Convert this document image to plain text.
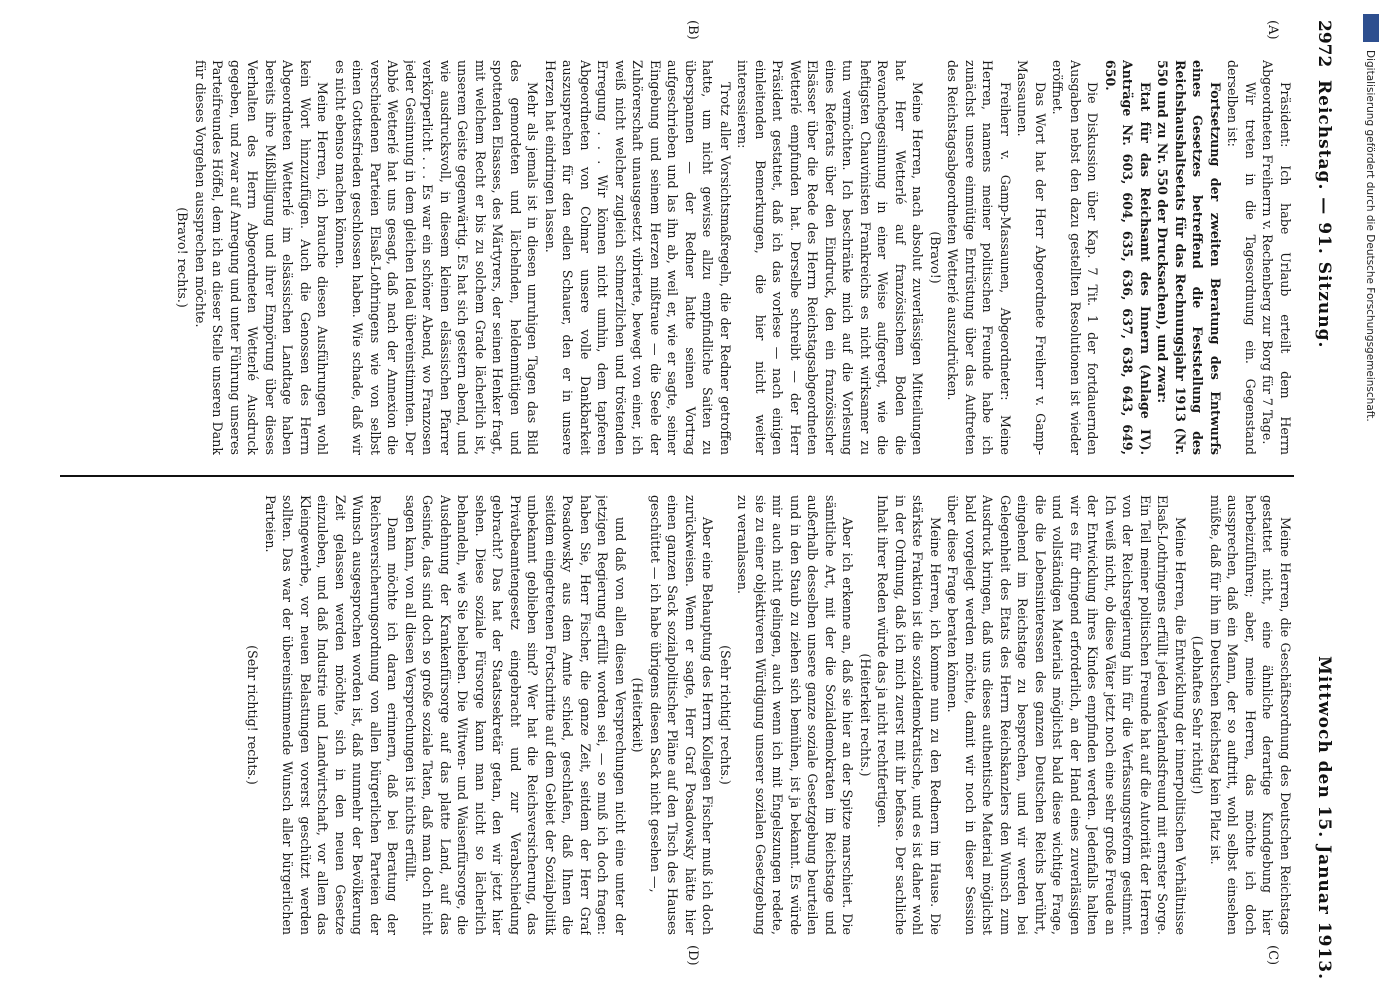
2972
Reichstag. — 91. Sitzung.
Mittwoch den 15. Januar 1913.
(A)
(B)
(C)
(D)

Präsident: Ich habe Urlaub erteilt dem Herrn Abgeordneten Freiherrn v. Rechenberg zur Borg für 7 Tage.

Wir treten in die Tagesordnung ein. Gegenstand derselben ist:

Fortsetzung der zweiten Beratung des Entwurfs eines Gesetzes betreffend die Feststellung des Reichshaushaltsetats für das Rechnungsjahr 1913 (Nr. 550 und zu Nr. 550 der Drucksachen), und zwar:

Etat für das Reichsamt des Innern (Anlage IV). Anträge Nr. 603, 604, 635, 636, 637, 638, 643, 649, 650.

Die Diskussion über Kap. 7 Tit. 1 der fortdauernden Ausgaben nebst den dazu gestellten Resolutionen ist wieder eröffnet.

Das Wort hat der Herr Abgeordnete Freiherr v. Gamp-Massaunen.

Freiherr v. Gamp-Massaunen, Abgeordneter: Meine Herren, namens meiner politischen Freunde habe ich zunächst unsere einmütige Entrüstung über das Auftreten des Reichstagsabgeordneten Wetterlé auszudrücken.

(Bravo!)

Meine Herren, nach absolut zuverlässigen Mitteilungen hat Herr Wetterlé auf französischem Boden die Revanchegesinnung in einer Weise aufgeregt, wie die heftigsten Chauvinisten Frankreichs es nicht wirksamer zu tun vermöchten. Ich beschränke mich auf die Vorlesung eines Referats über den Eindruck, den ein französischer Elsässer über die Rede des Herrn Reichstagsabgeordneten Wetterlé empfunden hat. Derselbe schreibt — der Herr Präsident gestattet, daß ich das vorlese — nach einigen einleitenden Bemerkungen, die hier nicht weiter interessieren:

Trotz aller Vorsichtsmaßregeln, die der Redner getroffen hatte, um nicht gewisse allzu empfindliche Saiten zu überspannen — der Redner hatte seinen Vortrag aufgeschrieben und las ihn ab, weil er, wie er sagte, seiner Eingebung und seinem Herzen mißtraue — die Seele der Zuhörerschaft unausgesetzt vibrierte, bewegt von einer, ich weiß nicht welcher zugleich schmerzlichen und tröstenden Erregung . . . Wir können nicht umhin, dem tapferen Abgeordneten von Colmar unsere volle Dankbarkeit auszusprechen für den edlen Schauer, den er in unsere Herzen hat eindringen lassen.

Mehr als jemals ist in diesen unruhigen Tagen das Bild des gemordeten und lächelnden, heldenmütigen und spottenden Elsasses, des Märtyrers, der seinen Henker fragt, mit welchem Recht er bis zu solchem Grade lächerlich ist, unserem Geiste gegenwärtig. Es hat sich gestern abend, und wie ausdrucksvoll, in diesem kleinen elsässischen Pfarrer verkörperlicht . . . Es war ein schöner Abend, wo Franzosen jeder Gesinnung in dem gleichen Ideal übereinstimmten. Der Abbé Wetterlé hat uns gesagt, daß nach der Annexion die verschiedenen Parteien Elsaß-Lothringens wie von selbst einen Gottesfrieden geschlossen haben. Wie schade, daß wir es nicht ebenso machen können.

Meine Herren, ich brauche diesen Ausführungen wohl kein Wort hinzuzufügen. Auch die Genossen des Herrn Abgeordneten Wetterlé im elsässischen Landtage haben bereits ihre Mißbilligung und ihrer Empörung über dieses Verhalten des Herrn Abgeordneten Wetterlé Ausdruck gegeben, und zwar auf Anregung und unter Führung unseres Parteifreundes Höffel, dem ich an dieser Stelle unseren Dank für dieses Vorgehen aussprechen möchte.

(Bravo! rechts.)

Meine Herren, die Geschäftsordnung des Deutschen Reichstags gestattet nicht, eine ähnliche derartige Kundgebung hier herbeizuführen; aber, meine Herren, das möchte ich doch aussprechen, daß ein Mann, der so auftritt, wohl selbst einsehen müßte, daß für ihn im Deutschen Reichstag kein Platz ist.

(Lebhaftes Sehr richtig!)

Meine Herren, die Entwicklung der innerpolitischen Verhältnisse Elsaß-Lothringens erfüllt jeden Vaterlandsfreund mit ernster Sorge. Ein Teil meiner politischen Freunde hat auf die Autorität der Herren von der Reichsregierung hin für die Verfassungsreform gestimmt. Ich weiß nicht, ob diese Väter jetzt noch eine sehr große Freude an der Entwicklung ihres Kindes empfinden werden. Jedenfalls halten wir es für dringend erforderlich, an der Hand eines zuverlässigen und vollständigen Materials möglichst bald diese wichtige Frage, die die Lebensinteressen des ganzen Deutschen Reichs berührt, eingehend im Reichstage zu besprechen, und wir werden bei Gelegenheit des Etats des Herrn Reichskanzlers den Wunsch zum Ausdruck bringen, daß uns dieses authentische Material möglichst bald vorgelegt werden möchte, damit wir noch in dieser Session über diese Frage beraten können.

Meine Herren, ich komme nun zu den Rednern im Hause. Die stärkste Fraktion ist die sozialdemokratische, und es ist daher wohl in der Ordnung, daß ich mich zuerst mit ihr befasse. Der sachliche Inhalt ihrer Reden würde das ja nicht rechtfertigen.

(Heiterkeit rechts.)

Aber ich erkenne an, daß sie hier an der Spitze marschiert. Die sämtliche Art, mit der die Sozialdemokraten im Reichstage und außerhalb desselben unsere ganze soziale Gesetzgebung beurteilen und in den Staub zu ziehen sich bemühen, ist ja bekannt. Es würde mir auch nicht gelingen, auch wenn ich mit Engelszungen redete, sie zu einer objektiveren Würdigung unserer sozialen Gesetzgebung zu veranlassen.

(Sehr richtig! rechts.)

Aber eine Behauptung des Herrn Kollegen Fischer muß ich doch zurückweisen. Wenn er sagte, Herr Graf Posadowsky hätte hier einen ganzen Sack sozialpolitischer Pläne auf den Tisch des Hauses geschüttet — ich habe übrigens diesen Sack nicht gesehen —,

(Heiterkeit)

und daß von allen diesen Versprechungen nicht eine unter der jetzigen Regierung erfüllt worden sei, — so muß ich doch fragen: haben Sie, Herr Fischer, die ganze Zeit, seitdem der Herr Graf Posadowsky aus dem Amte schied, geschlafen, daß Ihnen die seitdem eingetretenen Fortschritte auf dem Gebiet der Sozialpolitik unbekannt geblieben sind? Wer hat die Reichsversicherung, das Privatbeamtengesetz eingebracht und zur Verabschiedung gebracht? Das hat der Staatssekretär getan, den wir jetzt hier sehen. Diese soziale Fürsorge kann man nicht so lächerlich behandeln, wie Sie belieben. Die Witwen- und Waisenfürsorge, die Ausdehnung der Krankenfürsorge auf das platte Land, auf das Gesinde, das sind doch so große soziale Taten, daß man doch nicht sagen kann, von all diesen Versprechungen ist nichts erfüllt.

Dann möchte ich daran erinnern, daß bei Beratung der Reichsversicherungsordnung von allen bürgerlichen Parteien der Wunsch ausgesprochen worden ist, daß nunmehr der Bevölkerung Zeit gelassen werden möchte, sich in den neuen Gesetze einzuleben, und daß Industrie und Landwirtschaft, vor allem das Kleingewerbe, vor neuen Belastungen vorerst geschützt werden sollten. Das war der übereinstimmende Wunsch aller bürgerlichen Parteien.

(Sehr richtig! rechts.)

Digitalisierung gefördert durch die Deutsche Forschungsgemeinschaft.
